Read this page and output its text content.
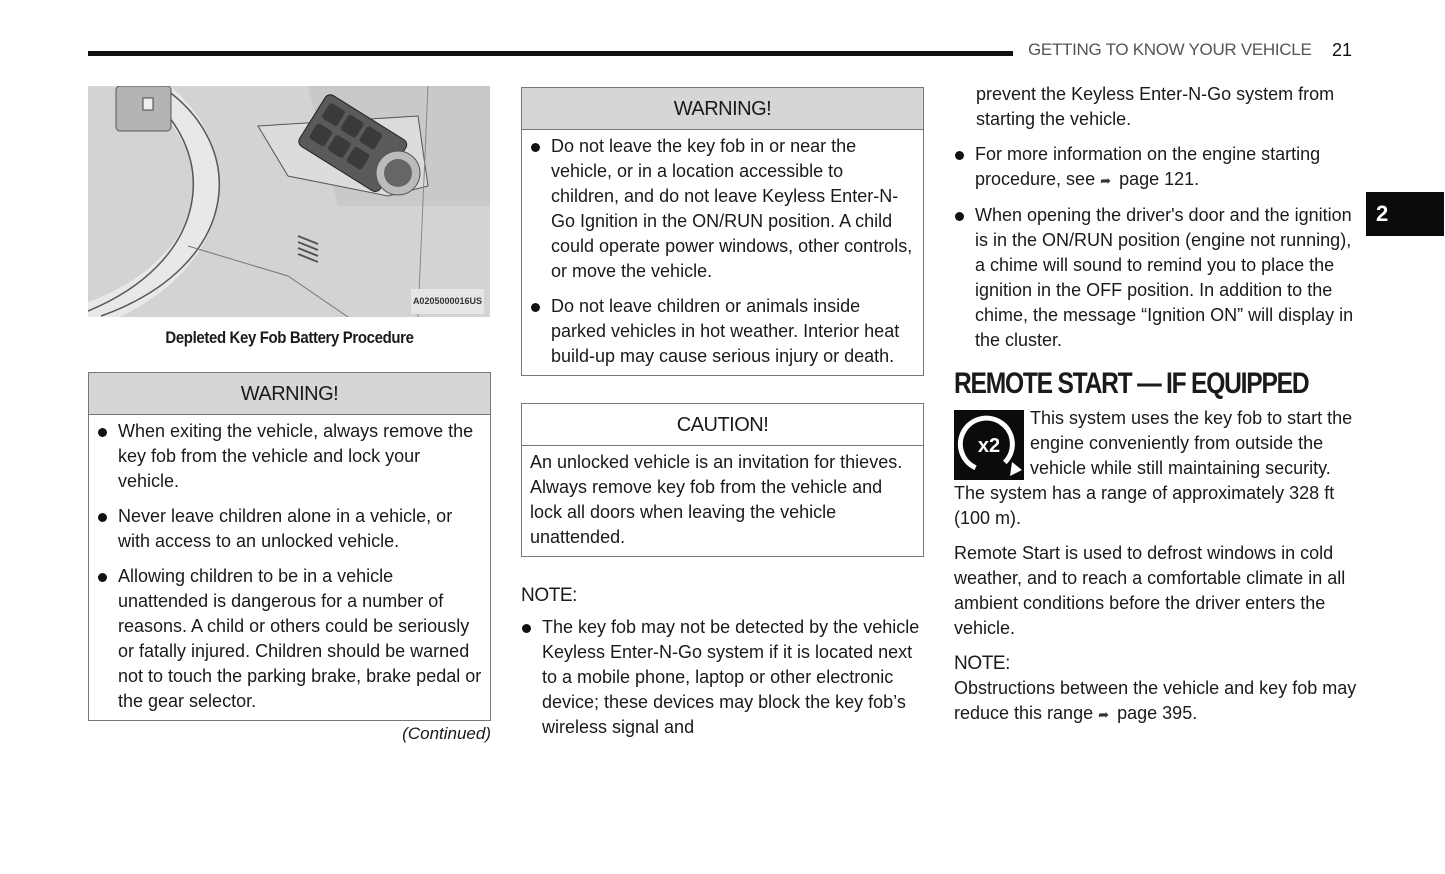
GETTING TO KNOW YOUR VEHICLE 21
2
A0205000016US
Depleted Key Fob Battery Procedure
WARNING!
When exiting the vehicle, always remove the key fob from the vehicle and lock your vehicle.
Never leave children alone in a vehicle, or with access to an unlocked vehicle.
Allowing children to be in a vehicle unattended is dangerous for a number of reasons. A child or others could be seriously or fatally injured. Children should be warned not to touch the parking brake, brake pedal or the gear selector.
(Continued)
WARNING!
Do not leave the key fob in or near the vehicle, or in a location accessible to children, and do not leave Keyless Enter-N-Go Ignition in the ON/RUN position. A child could operate power windows, other controls, or move the vehicle.
Do not leave children or animals inside parked vehicles in hot weather. Interior heat build-up may cause serious injury or death.
CAUTION!
An unlocked vehicle is an invitation for thieves. Always remove key fob from the vehicle and lock all doors when leaving the vehicle unattended.
NOTE:
The key fob may not be detected by the vehicle Keyless Enter-N-Go system if it is located next to a mobile phone, laptop or other electronic device; these devices may block the key fob’s wireless signal and
prevent the Keyless Enter-N-Go system from starting the vehicle.
For more information on the engine starting procedure, see ➦ page 121.
When opening the driver's door and the ignition is in the ON/RUN position (engine not running), a chime will sound to remind you to place the ignition in the OFF position. In addition to the chime, the message “Ignition ON” will display in the cluster.
REMOTE START — IF EQUIPPED

x2
This system uses the key fob to start the engine conveniently from outside the vehicle while still maintaining security. The system has a range of approximately 328 ft (100 m).

Remote Start is used to defrost windows in cold weather, and to reach a comfortable climate in all ambient conditions before the driver enters the vehicle.

NOTE:
Obstructions between the vehicle and key fob may reduce this range ➦ page 395.
